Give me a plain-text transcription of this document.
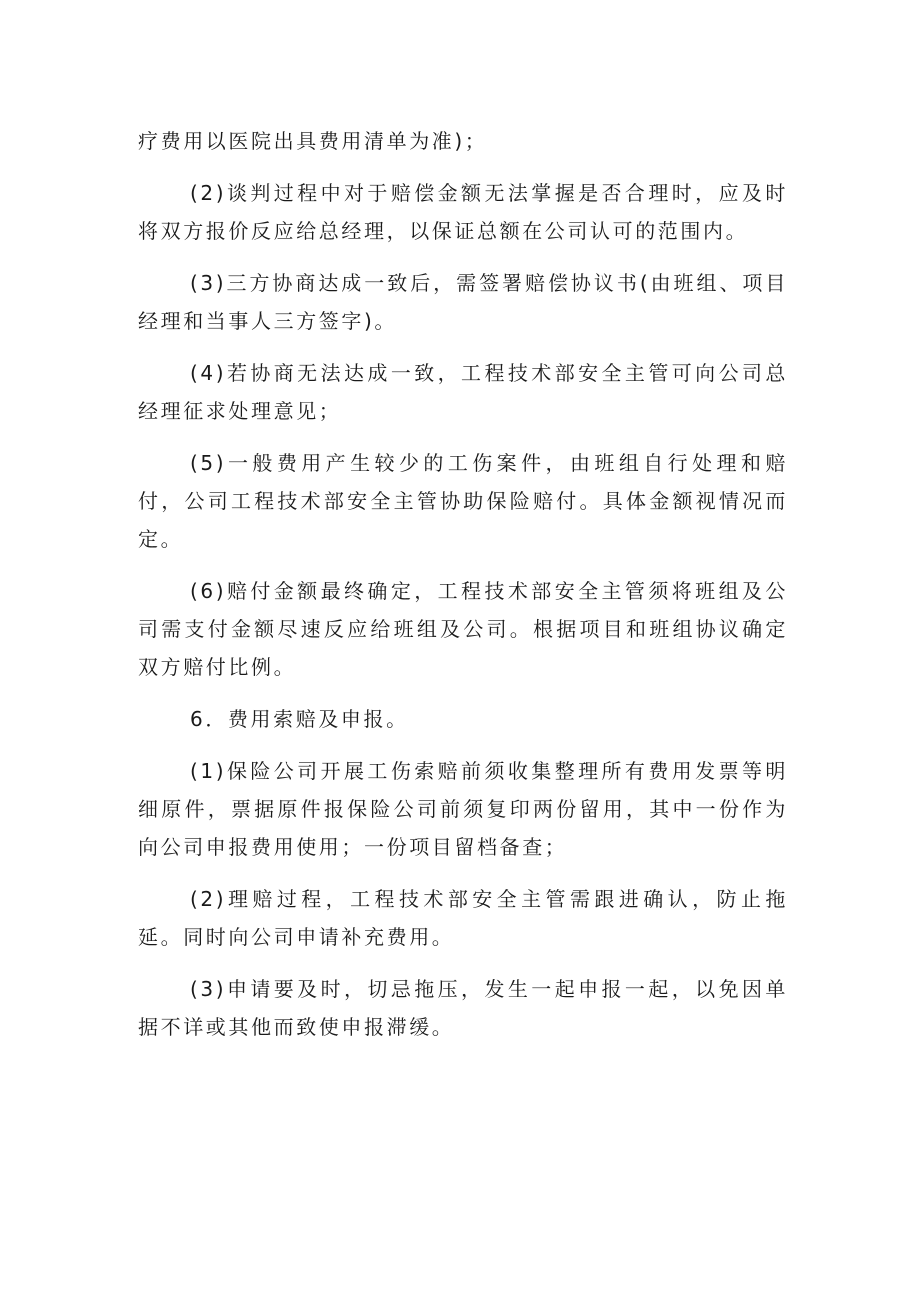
疗费用以医院出具费用清单为准)；

(2)谈判过程中对于赔偿金额无法掌握是否合理时，应及时将双方报价反应给总经理，以保证总额在公司认可的范围内。

(3)三方协商达成一致后，需签署赔偿协议书(由班组、项目经理和当事人三方签字)。

(4)若协商无法达成一致，工程技术部安全主管可向公司总经理征求处理意见；

(5)一般费用产生较少的工伤案件，由班组自行处理和赔付，公司工程技术部安全主管协助保险赔付。具体金额视情况而定。

(6)赔付金额最终确定，工程技术部安全主管须将班组及公司需支付金额尽速反应给班组及公司。根据项目和班组协议确定双方赔付比例。

6．费用索赔及申报。

(1)保险公司开展工伤索赔前须收集整理所有费用发票等明细原件，票据原件报保险公司前须复印两份留用，其中一份作为向公司申报费用使用；一份项目留档备查；

(2)理赔过程，工程技术部安全主管需跟进确认，防止拖延。同时向公司申请补充费用。

(3)申请要及时，切忌拖压，发生一起申报一起，以免因单据不详或其他而致使申报滞缓。
